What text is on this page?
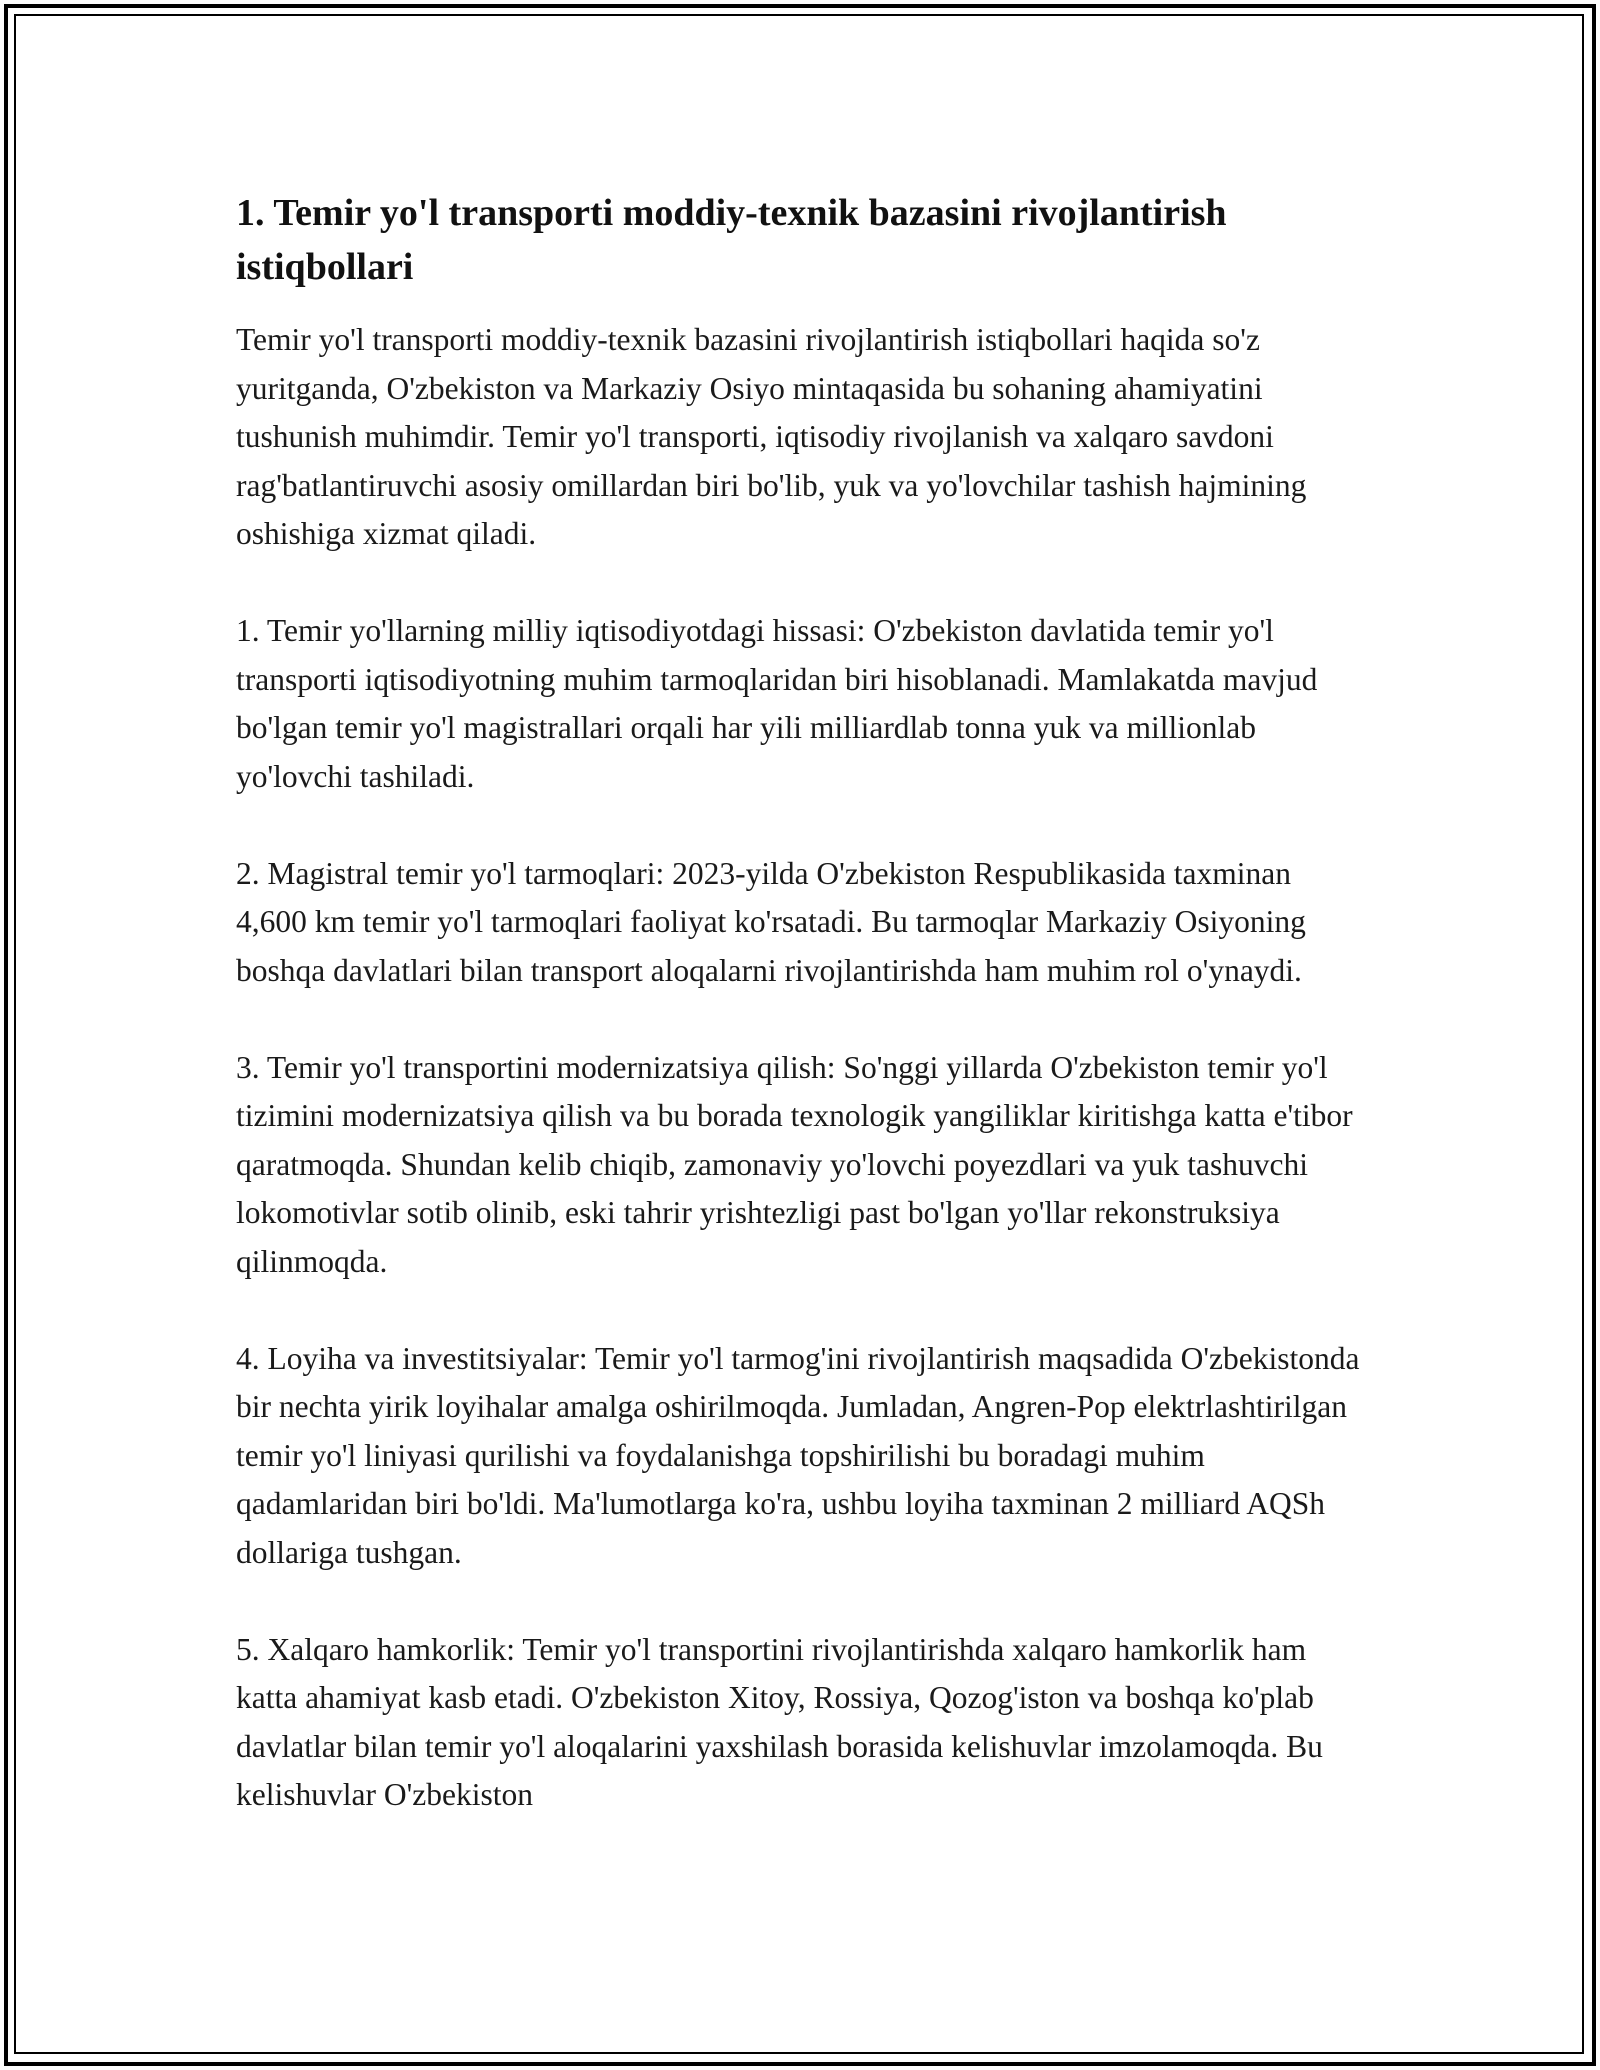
1. Temir yo'l transporti moddiy-texnik bazasini rivojlantirish istiqbollari

Temir yo'l transporti moddiy-texnik bazasini rivojlantirish istiqbollari haqida so'z yuritganda, O'zbekiston va Markaziy Osiyo mintaqasida bu sohaning ahamiyatini tushunish muhimdir. Temir yo'l transporti, iqtisodiy rivojlanish va xalqaro savdoni rag'batlantiruvchi asosiy omillardan biri bo'lib, yuk va yo'lovchilar tashish hajmining oshishiga xizmat qiladi.

1. Temir yo'llarning milliy iqtisodiyotdagi hissasi: O'zbekiston davlatida temir yo'l transporti iqtisodiyotning muhim tarmoqlaridan biri hisoblanadi. Mamlakatda mavjud bo'lgan temir yo'l magistrallari orqali har yili milliardlab tonna yuk va millionlab yo'lovchi tashiladi.

2. Magistral temir yo'l tarmoqlari: 2023-yilda O'zbekiston Respublikasida taxminan 4,600 km temir yo'l tarmoqlari faoliyat ko'rsatadi. Bu tarmoqlar Markaziy Osiyoning boshqa davlatlari bilan transport aloqalarni rivojlantirishda ham muhim rol o'ynaydi.

3. Temir yo'l transportini modernizatsiya qilish: So'nggi yillarda O'zbekiston temir yo'l tizimini modernizatsiya qilish va bu borada texnologik yangiliklar kiritishga katta e'tibor qaratmoqda. Shundan kelib chiqib, zamonaviy yo'lovchi poyezdlari va yuk tashuvchi lokomotivlar sotib olinib, eski tahrir yrishtezligi past bo'lgan yo'llar rekonstruksiya qilinmoqda.

4. Loyiha va investitsiyalar: Temir yo'l tarmog'ini rivojlantirish maqsadida O'zbekistonda bir nechta yirik loyihalar amalga oshirilmoqda. Jumladan, Angren-Pop elektrlashtirilgan temir yo'l liniyasi qurilishi va foydalanishga topshirilishi bu boradagi muhim qadamlaridan biri bo'ldi. Ma'lumotlarga ko'ra, ushbu loyiha taxminan 2 milliard AQSh dollariga tushgan.

5. Xalqaro hamkorlik: Temir yo'l transportini rivojlantirishda xalqaro hamkorlik ham katta ahamiyat kasb etadi. O'zbekiston Xitoy, Rossiya, Qozog'iston va boshqa ko'plab davlatlar bilan temir yo'l aloqalarini yaxshilash borasida kelishuvlar imzolamoqda. Bu kelishuvlar O'zbekiston
